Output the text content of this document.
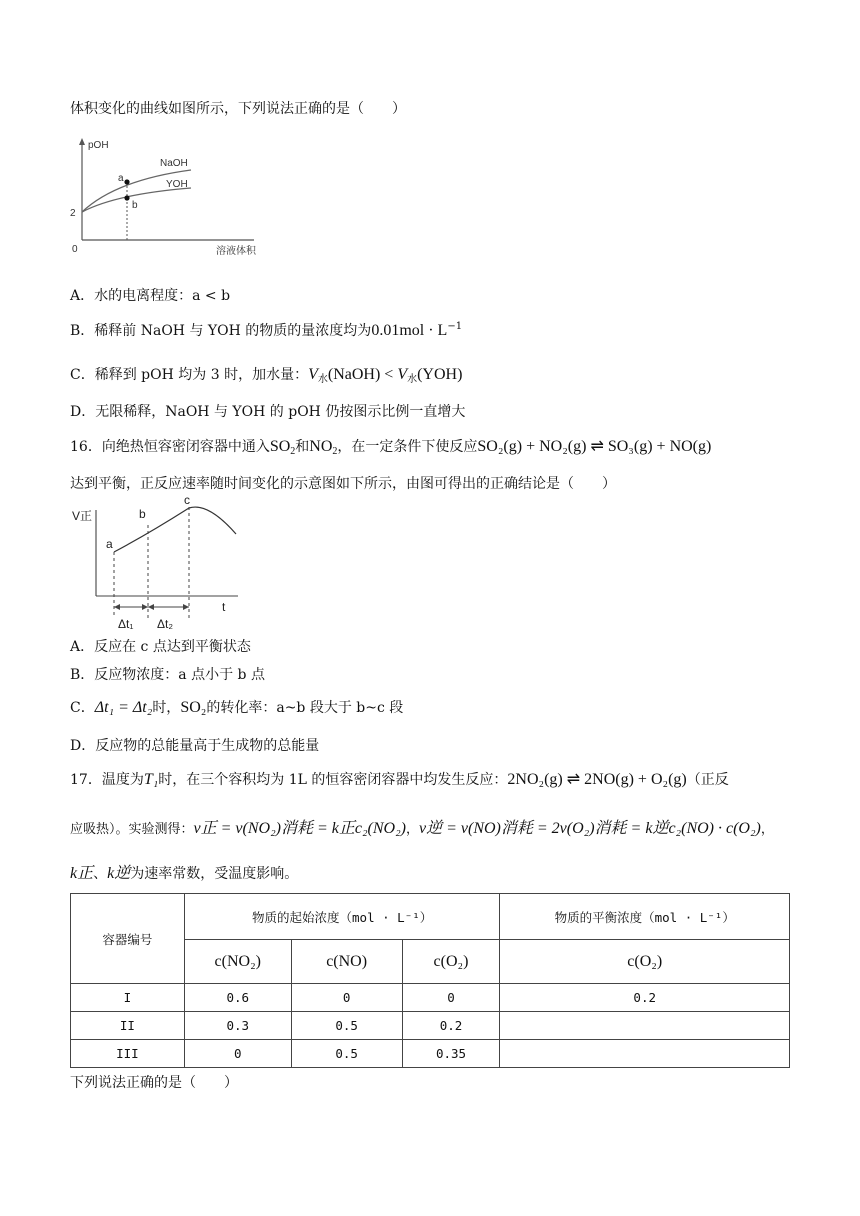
体积变化的曲线如图所示，下列说法正确的是（　　）
pOH
溶液体积
0
2
NaOH
YOH
a
b
A．水的电离程度：a < b
B．稀释前 NaOH 与 YOH 的物质的量浓度均为$0.01mol \cdot L^{-1}$
C．稀释到 pOH 均为 3 时，加水量：$V_水(NaOH) < V_水(YOH)$
D．无限稀释，NaOH 与 YOH 的 pOH 仍按图示比例一直增大
16．向绝热恒容密闭容器中通入$SO_2$和$NO_2$，在一定条件下使反应SO₂(g) + NO₂(g) ⇌ SO₃(g) + NO(g)
达到平衡，正反应速率随时间变化的示意图如下所示，由图可得出的正确结论是（　　）
V正
t
a
b
c
Δt₁ Δt₂
A．反应在 c 点达到平衡状态
B．反应物浓度：a 点小于 b 点
C．Δt₁ = Δt₂时，SO₂的转化率：a~b 段大于 b~c 段
D．反应物的总能量高于生成物的总能量
17．温度为T₁时，在三个容积均为 1L 的恒容密闭容器中均发生反应：2NO₂(g) ⇌ 2NO(g) + O₂(g)（正反
应吸热）。实验测得：v正 = v(NO₂)消耗 = k正c₂(NO₂)，v逆 = v(NO)消耗 = 2v(O₂)消耗 = k逆c₂(NO) · c(O₂)，
k正、k逆为速率常数，受温度影响。
容器编号	物质的起始浓度（mol · L⁻¹）			物质的平衡浓度（mol · L⁻¹）
	c(NO₂)	c(NO)	c(O₂)	c(O₂)
I	0.6	0	0	0.2
II	0.3	0.5	0.2	
III	0	0.5	0.35	
下列说法正确的是（　　）
